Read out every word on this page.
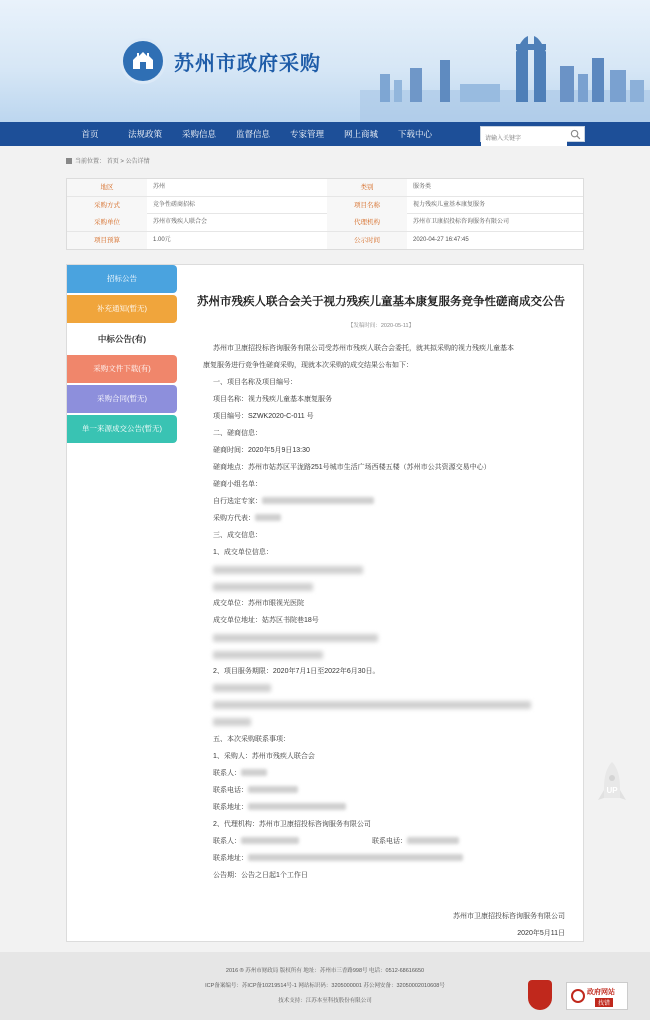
苏州市政府采购
首页	法规政策	采购信息	监督信息	专家管理	网上商城	下载中心
请输入关键字
当前位置： 首页 > 公告详情
地区	苏州	类别	服务类
采购方式	竞争性磋商招标	项目名称	视力残疾儿童基本康复服务
采购单位	苏州市残疾人联合会	代理机构	苏州市卫康招投标咨询服务有限公司
项目预算	1.00元	公示时间	2020-04-27 16:47:45
招标公告
补充通知(暂无)
中标公告(有)
采购文件下载(有)
采购合同(暂无)
单一来源成交公告(暂无)
苏州市残疾人联合会关于视力残疾儿童基本康复服务竞争性磋商成交公告
【发稿时间：2020-05-11】
苏州市卫康招投标咨询服务有限公司受苏州市残疾人联合会委托，就其拟采购的视力残疾儿童基本
康复服务进行竞争性磋商采购，现就本次采购的成交结果公布如下：
一、项目名称及项目编号：
项目名称：视力残疾儿童基本康复服务
项目编号：SZWK2020-C-011 号
二、磋商信息：
磋商时间：2020年5月9日13:30
磋商地点：苏州市姑苏区平泷路251号城市生活广场西楼五楼（苏州市公共资源交易中心）
磋商小组名单：
自行选定专家：
采购方代表：
三、成交信息：
1、成交单位信息：
成交单位：苏州市眼视光医院
成交单位地址：姑苏区书院巷18号
2、项目服务期限：2020年7月1日至2022年6月30日。
五、本次采购联系事项：
1、采购人：苏州市残疾人联合会
联系人：
联系电话：
联系地址：
2、代理机构：苏州市卫康招投标咨询服务有限公司
联系人：	联系电话：
联系地址：
公告期：公告之日起1个工作日
苏州市卫康招投标咨询服务有限公司
2020年5月11日
UP
2016 ® 苏州市财政局 版权所有 地址：苏州市三香路998号 电话：0512-68616650
ICP备案编号：苏ICP备10219514号-1 网站标识码：3205000001 苏公网安备：32050002010608号
技术支持：江苏本至科技股份有限公司
政府网站
找错
